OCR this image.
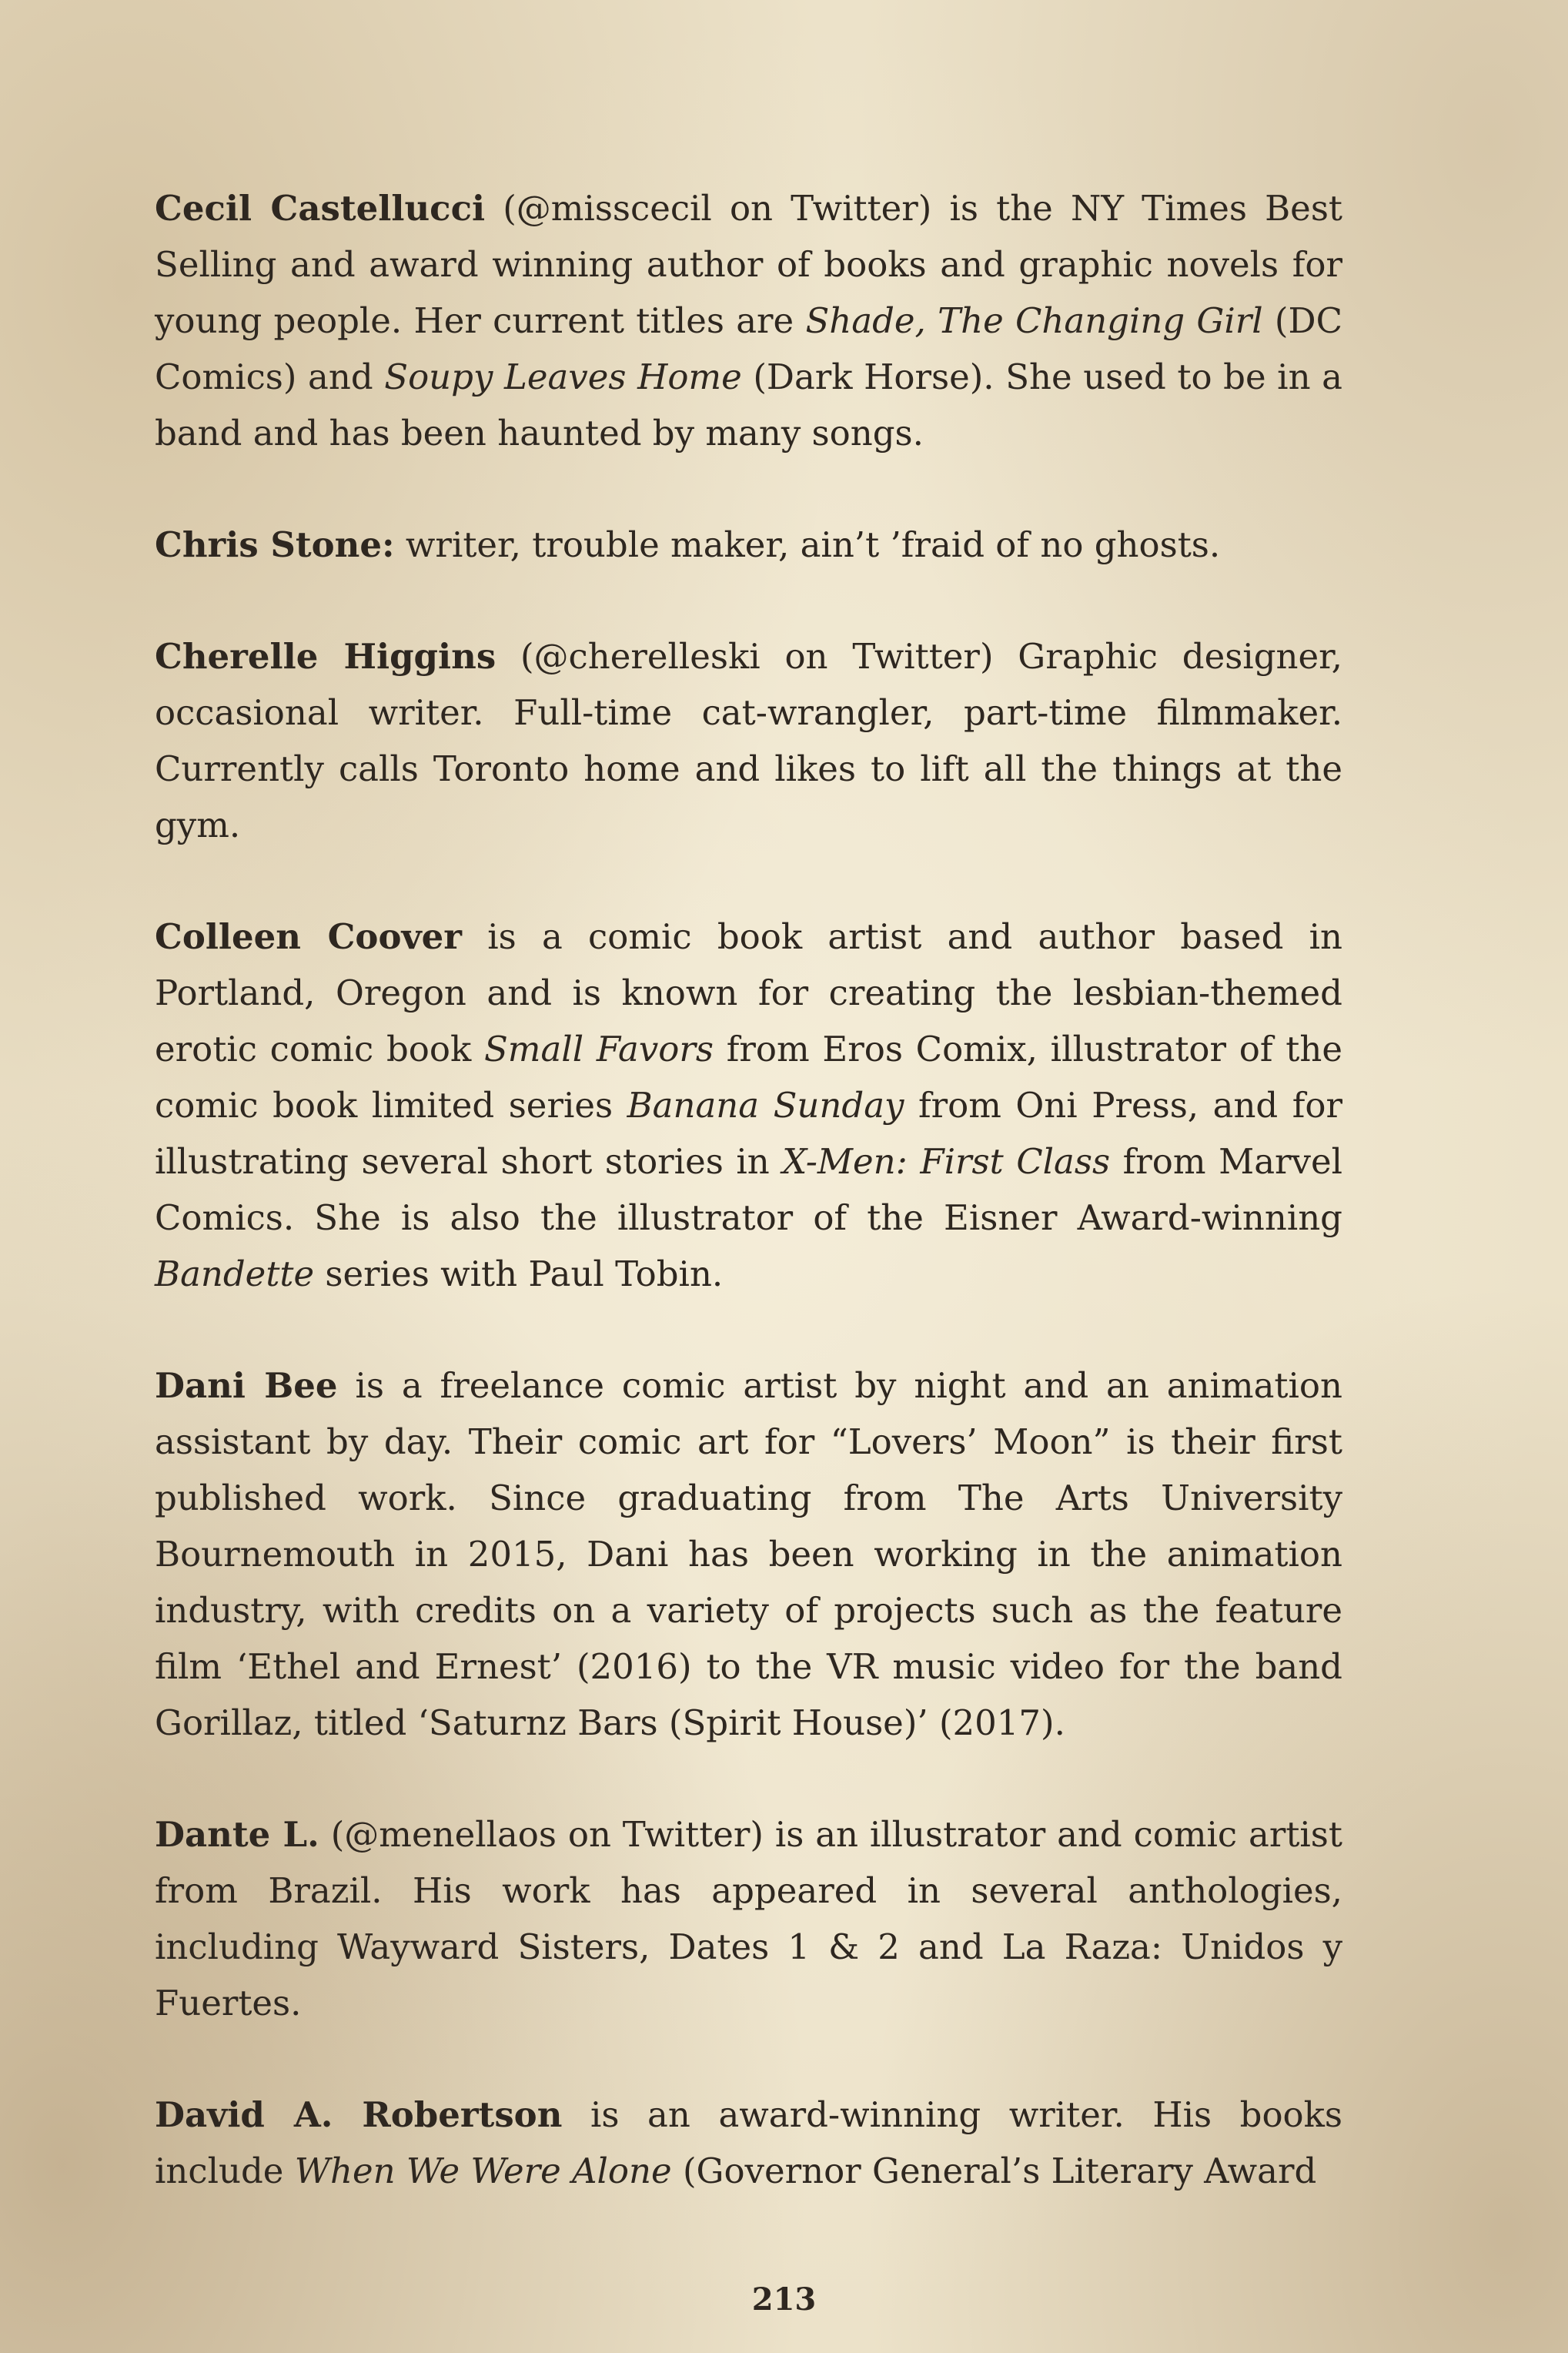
Cecil Castellucci (@misscecil on Twitter) is the NY Times Best Selling and award winning author of books and graphic novels for young people. Her current titles are Shade, The Changing Girl (DC Comics) and Soupy Leaves Home (Dark Horse). She used to be in a band and has been haunted by many songs.

Chris Stone: writer, trouble maker, ain’t ’fraid of no ghosts.

Cherelle Higgins (@cherelleski on Twitter) Graphic designer, occasional writer. Full-time cat-wrangler, part-time filmmaker. Currently calls Toronto home and likes to lift all the things at the gym.

Colleen Coover is a comic book artist and author based in Portland, Oregon and is known for creating the lesbian-themed erotic comic book Small Favors from Eros Comix, illustrator of the comic book limited series Banana Sunday from Oni Press, and for illustrating several short stories in X-Men: First Class from Marvel Comics. She is also the illustrator of the Eisner Award-winning Bandette series with Paul Tobin.

Dani Bee is a freelance comic artist by night and an animation assistant by day. Their comic art for “Lovers’ Moon” is their first published work. Since graduating from The Arts University Bournemouth in 2015, Dani has been working in the animation industry, with credits on a variety of projects such as the feature film ‘Ethel and Ernest’ (2016) to the VR music video for the band Gorillaz, titled ‘Saturnz Bars (Spirit House)’ (2017).

Dante L. (@menellaos on Twitter) is an illustrator and comic artist from Brazil. His work has appeared in several anthologies, including Wayward Sisters, Dates 1 & 2 and La Raza: Unidos y Fuertes.

David A. Robertson is an award-winning writer. His books include When We Were Alone (Governor General’s Literary Award

213
